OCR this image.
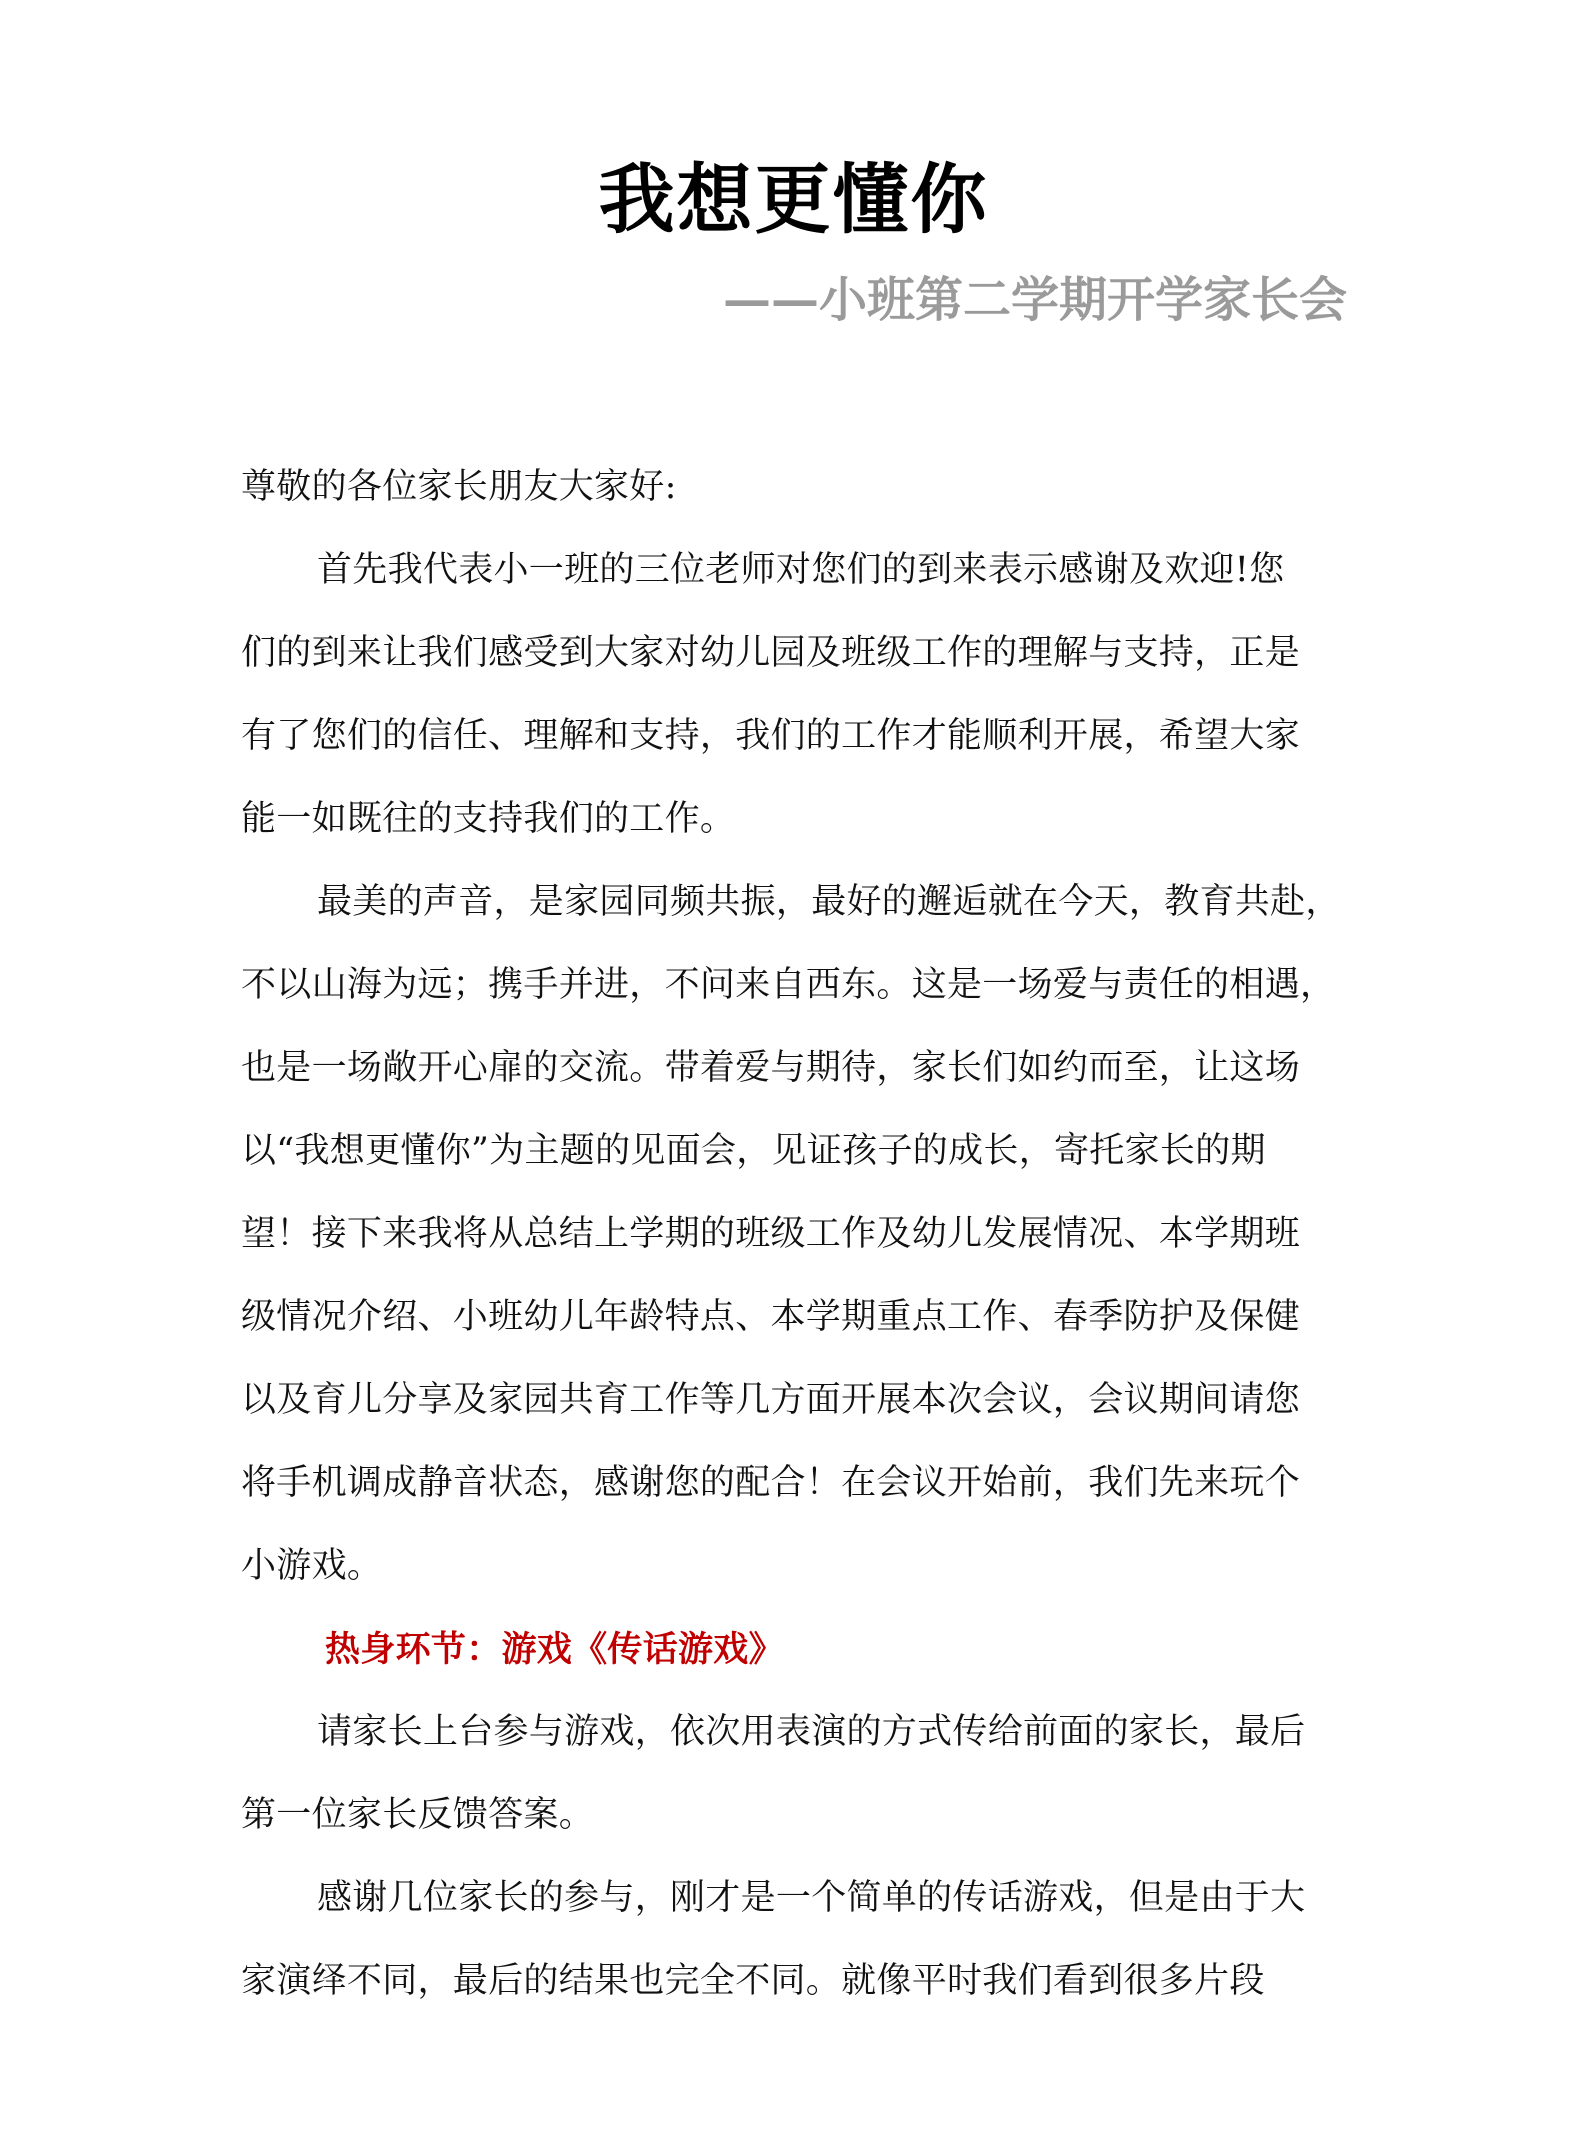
我想更懂你
——小班第二学期开学家长会
尊敬的各位家长朋友大家好:
首先我代表小一班的三位老师对您们的到来表示感谢及欢迎!您
们的到来让我们感受到大家对幼儿园及班级工作的理解与支持，正是
有了您们的信任、理解和支持，我们的工作才能顺利开展，希望大家
能一如既往的支持我们的工作。
最美的声音，是家园同频共振，最好的邂逅就在今天，教育共赴，
不以山海为远；携手并进，不问来自西东。这是一场爱与责任的相遇，
也是一场敞开心扉的交流。带着爱与期待，家长们如约而至，让这场
以“我想更懂你”为主题的见面会，见证孩子的成长，寄托家长的期
望！接下来我将从总结上学期的班级工作及幼儿发展情况、本学期班
级情况介绍、小班幼儿年龄特点、本学期重点工作、春季防护及保健
以及育儿分享及家园共育工作等几方面开展本次会议，会议期间请您
将手机调成静音状态，感谢您的配合！在会议开始前，我们先来玩个
小游戏。
热身环节：游戏《传话游戏》
请家长上台参与游戏，依次用表演的方式传给前面的家长，最后
第一位家长反馈答案。
感谢几位家长的参与，刚才是一个简单的传话游戏，但是由于大
家演绎不同，最后的结果也完全不同。就像平时我们看到很多片段
